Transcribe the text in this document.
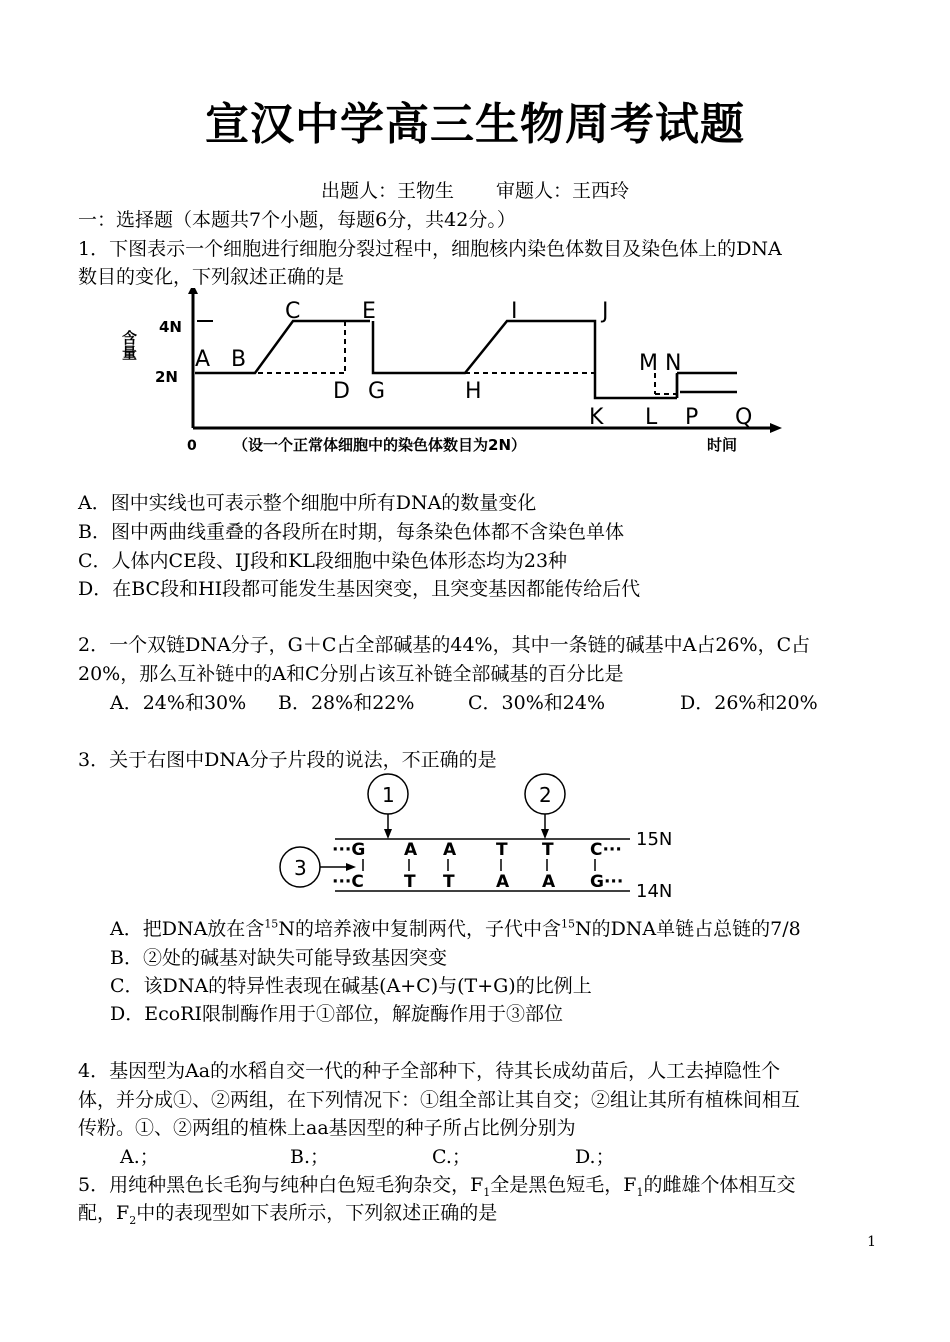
宣汉中学高三生物周考试题
出题人：王物生 审题人：王西玲
一：选择题（本题共7个小题，每题6分，共42分。）
1．下图表示一个细胞进行细胞分裂过程中，细胞核内染色体数目及染色体上的DNA
数目的变化，下列叙述正确的是
含量
4N
2N
A B
C
D
E
G	H
I	J
K L
M N
P Q
0 （设一个正常体细胞中的染色体数目为2N）	时间
A．图中实线也可表示整个细胞中所有DNA的数量变化
B．图中两曲线重叠的各段所在时期，每条染色体都不含染色单体
C．人体内CE段、IJ段和KL段细胞中染色体形态均为23种
D．在BC段和HI段都可能发生基因突变，且突变基因都能传给后代
2．一个双链DNA分子，G＋C占全部碱基的44%，其中一条链的碱基中A占26%，C占
20%，那么互补链中的A和C分别占该互补链全部碱基的百分比是
A．24%和30% B．28%和22%	C．30%和24%	D．26%和20%
3．关于右图中DNA分子片段的说法，不正确的是
1	2
3
···G A A T T C···
···C T T A A G···
15N
14N
A．把DNA放在含$^{15}$N的培养液中复制两代，子代中含$^{15}$N的DNA单链占总链的7/8
B．②处的碱基对缺失可能导致基因突变
C．该DNA的特异性表现在碱基(A+C)与(T+G)的比例上
D．EcoRⅠ限制酶作用于①部位，解旋酶作用于③部位
4．基因型为Aa的水稻自交一代的种子全部种下，待其长成幼苗后，人工去掉隐性个
体，并分成①、②两组，在下列情况下：①组全部让其自交；②组让其所有植株间相互
传粉。①、②两组的植株上aa基因型的种子所占比例分别为
A.；	B.；	C.；	D.；
5．用纯种黑色长毛狗与纯种白色短毛狗杂交，$F_1$全是黑色短毛，$F_1$的雌雄个体相互交
配，$F_2$中的表现型如下表所示，下列叙述正确的是
1
